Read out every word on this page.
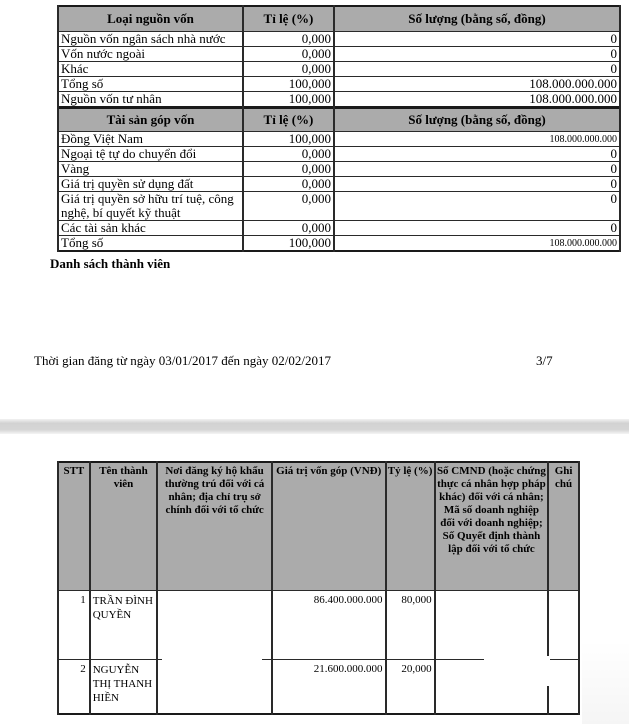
Loại nguồn vốn	Tỉ lệ (%)	Số lượng (bằng số, đồng)
Nguồn vốn ngân sách nhà nước	0,000	0
Vốn nước ngoài	0,000	0
Khác	0,000	0
Tổng số	100,000	108.000.000.000
Nguồn vốn tư nhân	100,000	108.000.000.000
Tài sản góp vốn	Tỉ lệ (%)	Số lượng (bằng số, đồng)
Đồng Việt Nam	100,000	108.000.000.000
Ngoại tệ tự do chuyển đổi	0,000	0
Vàng	0,000	0
Giá trị quyền sử dụng đất	0,000	0
Giá trị quyền sở hữu trí tuệ, công nghệ, bí quyết kỹ thuật	0,000	0
Các tài sản khác	0,000	0
Tổng số	100,000	108.000.000.000
Danh sách thành viên
Thời gian đăng từ ngày 03/01/2017 đến ngày 02/02/2017	3/7
STT	Tên thành viên	Nơi đăng ký hộ khẩu thường trú đối với cá nhân; địa chỉ trụ sở chính đối với tổ chức	Giá trị vốn góp (VNĐ)	Tỷ lệ (%)	Số CMND (hoặc chứng thực cá nhân hợp pháp khác) đối với cá nhân; Mã số doanh nghiệp đối với doanh nghiệp; Số Quyết định thành lập đối với tổ chức	Ghi chú
1	TRẦN ĐÌNH QUYỀN		86.400.000.000	80,000		
2	NGUYỄN THỊ THANH HIỀN		21.600.000.000	20,000		
